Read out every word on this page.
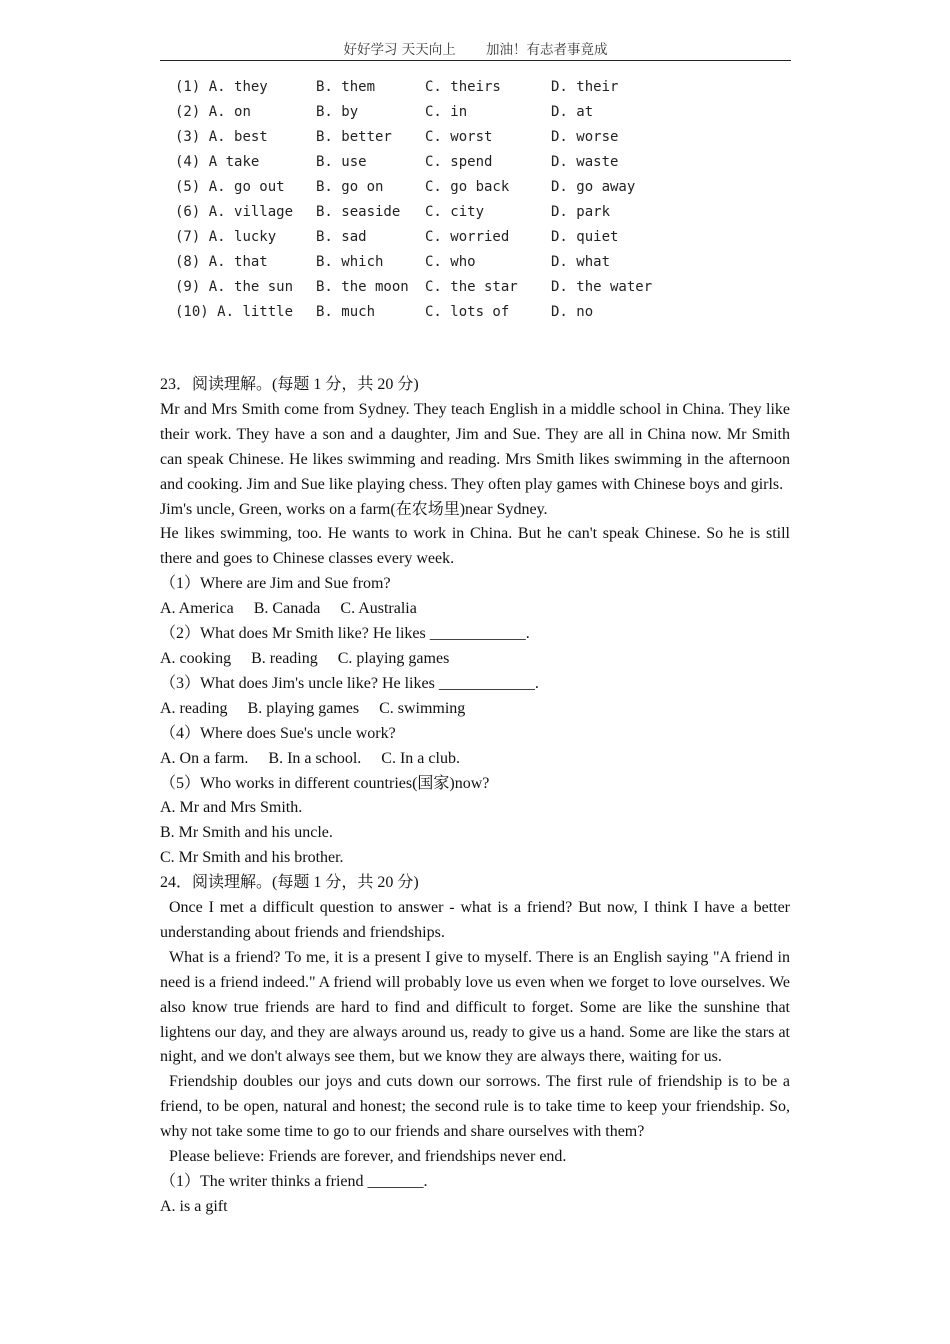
好好学习 天天向上 加油！有志者事竟成
(1) A. they	B. them	C. theirs	D. their
(2) A. on	B. by	C. in	D. at
(3) A. best	B. better C. worst	D. worse
(4) A take	B. use	C. spend	D. waste
(5) A. go out B. go on	C. go back	D. go away
(6) A. village B. seaside C. city	D. park
(7) A. lucky	B. sad	C. worried	D. quiet
(8) A. that	B. which	C. who	D. what
(9) A. the sun B. the moon C. the star D. the water
(10) A. little B. much	C. lots of	D. no

23．阅读理解。(每题 1 分，共 20 分)

Mr and Mrs Smith come from Sydney. They teach English in a middle school in China. They like their work. They have a son and a daughter, Jim and Sue. They are all in China now. Mr Smith can speak Chinese. He likes swimming and reading. Mrs Smith likes swimming in the afternoon and cooking. Jim and Sue like playing chess. They often play games with Chinese boys and girls.

Jim's uncle, Green, works on a farm(在农场里)near Sydney.

He likes swimming, too. He wants to work in China. But he can't speak Chinese. So he is still there and goes to Chinese classes every week.

（1）Where are Jim and Sue from?

A. America     B. Canada     C. Australia

（2）What does Mr Smith like? He likes ____________.

A. cooking     B. reading     C. playing games

（3）What does Jim's uncle like? He likes ____________.

A. reading     B. playing games     C. swimming

（4）Where does Sue's uncle work?

A. On a farm.     B. In a school.     C. In a club.

（5）Who works in different countries(国家)now?

A. Mr and Mrs Smith.

B. Mr Smith and his uncle.

C. Mr Smith and his brother.

24．阅读理解。(每题 1 分，共 20 分)

Once I met a difficult question to answer - what is a friend? But now, I think I have a better understanding about friends and friendships.

What is a friend? To me, it is a present I give to myself. There is an English saying "A friend in need is a friend indeed." A friend will probably love us even when we forget to love ourselves. We also know true friends are hard to find and difficult to forget. Some are like the sunshine that lightens our day, and they are always around us, ready to give us a hand. Some are like the stars at night, and we don't always see them, but we know they are always there, waiting for us.

Friendship doubles our joys and cuts down our sorrows. The first rule of friendship is to be a friend, to be open, natural and honest; the second rule is to take time to keep your friendship. So, why not take some time to go to our friends and share ourselves with them?

Please believe: Friends are forever, and friendships never end.

（1）The writer thinks a friend _______.

A. is a gift
